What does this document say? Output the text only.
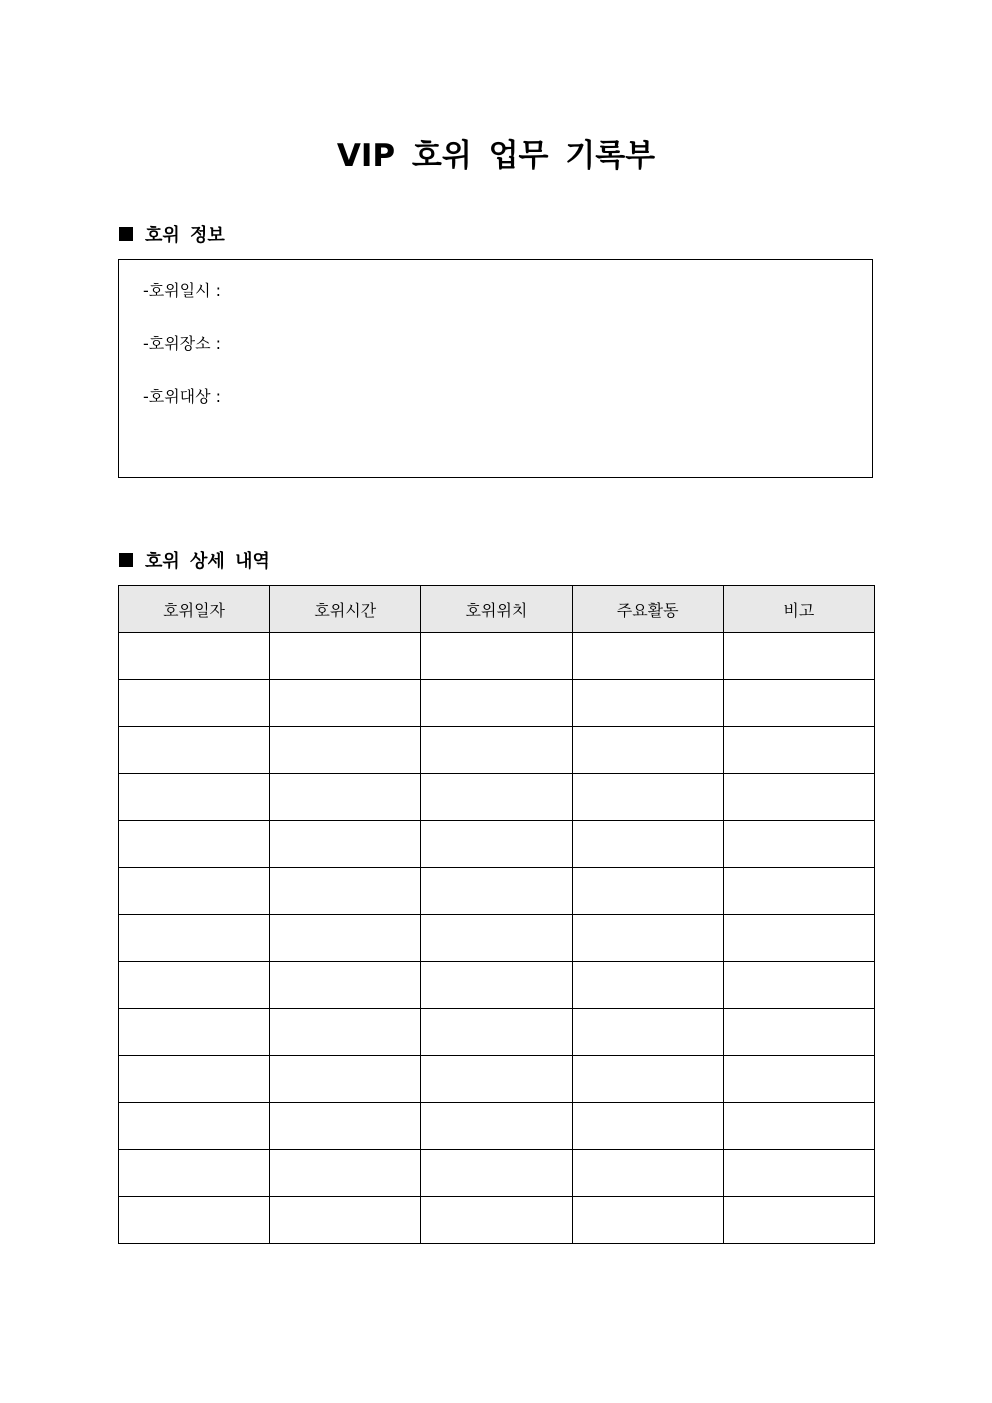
VIP 호위 업무 기록부
호위 정보
-호위일시 :
-호위장소 :
-호위대상 :
호위 상세 내역
호위일자	호위시간	호위위치	주요활동	비고
